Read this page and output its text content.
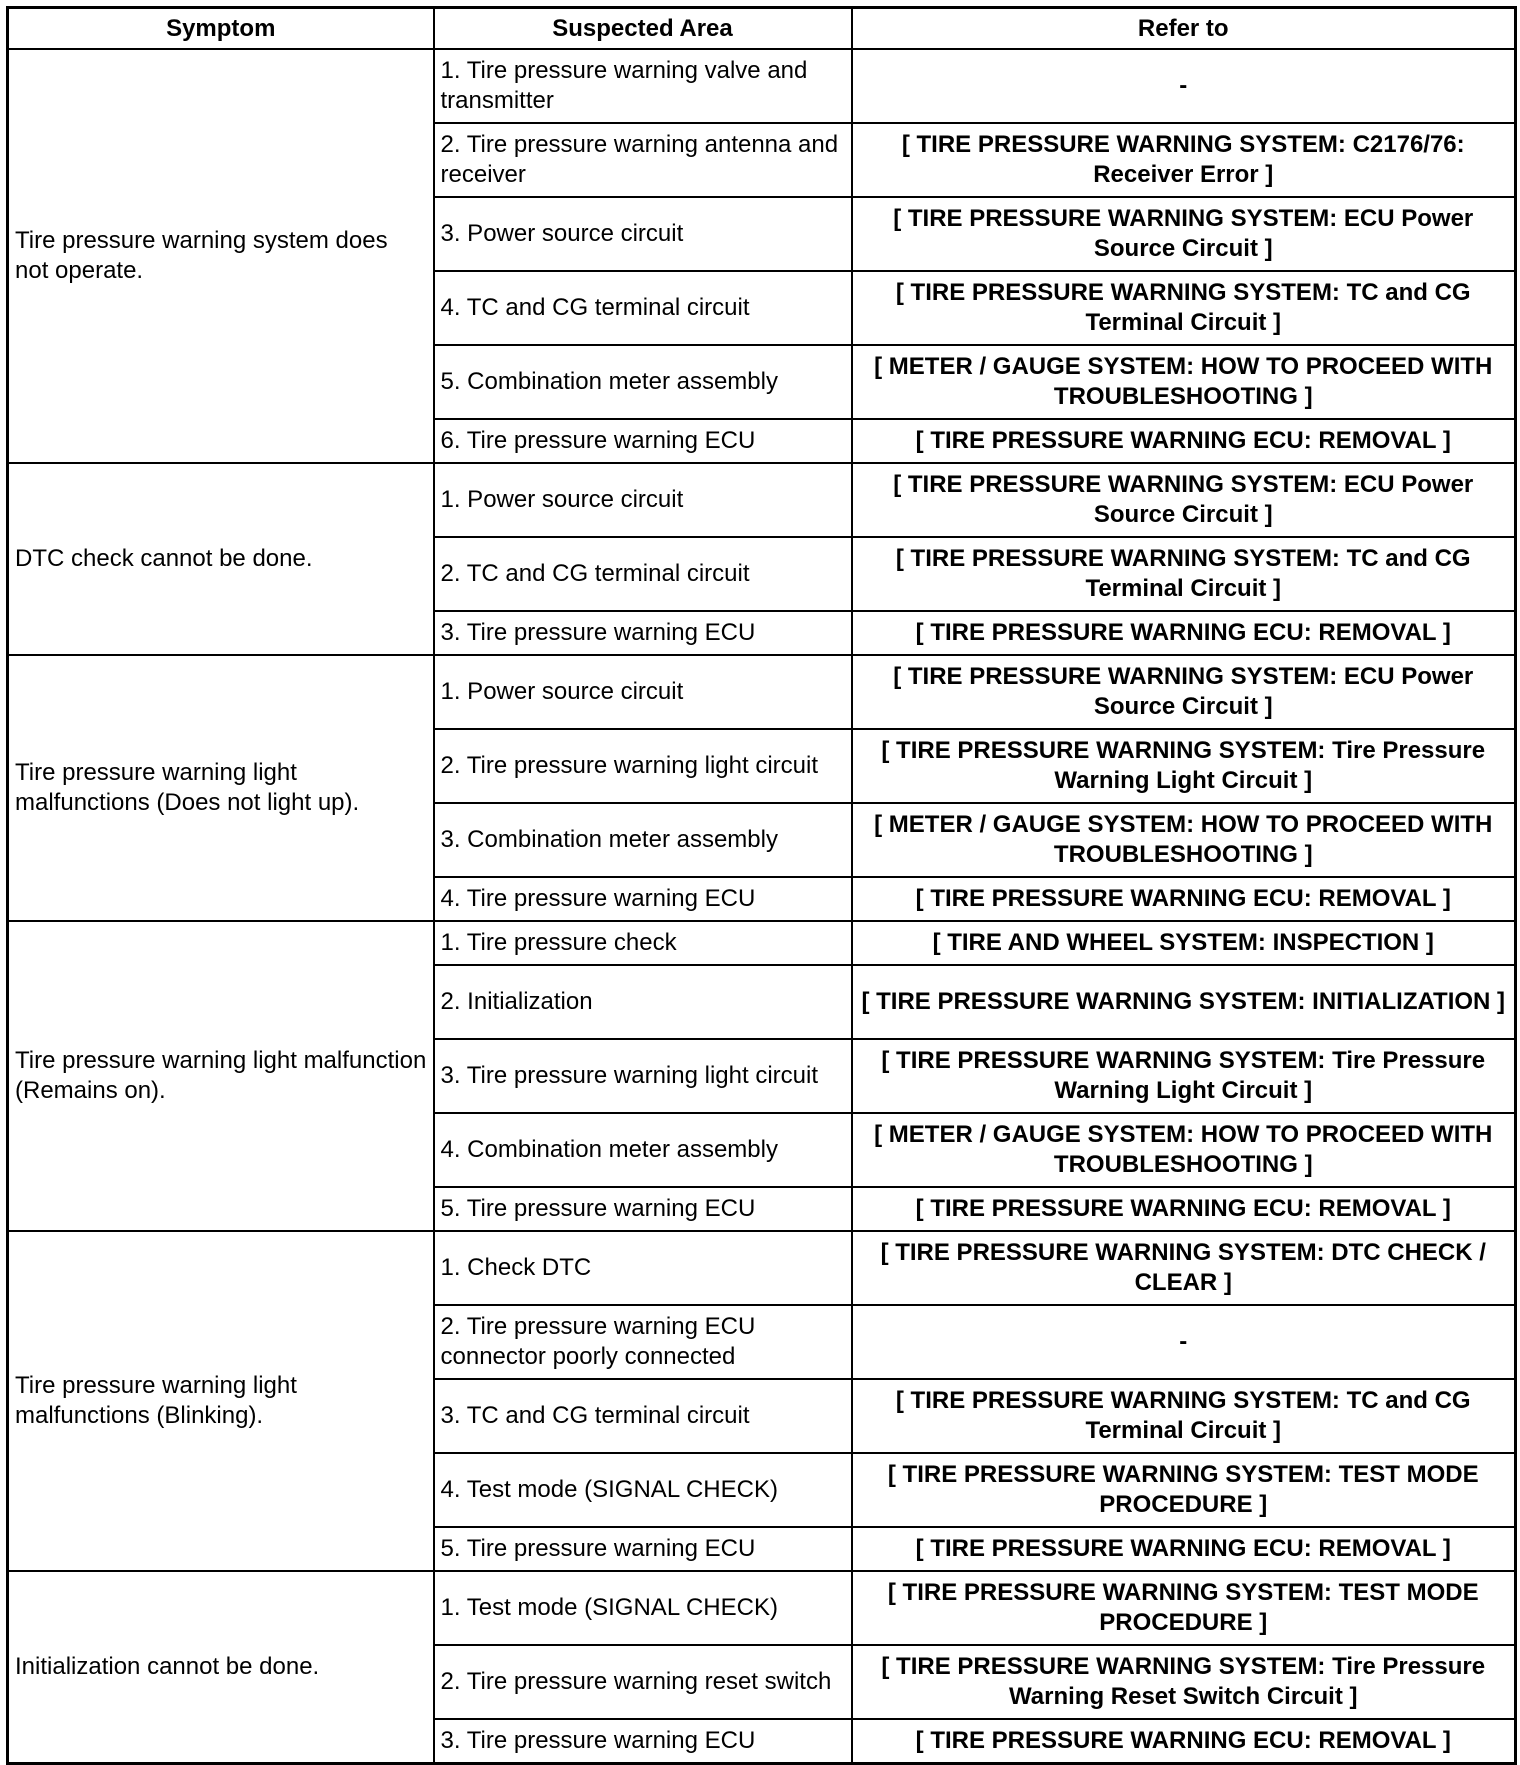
Symptom	Suspected Area	Refer to
Tire pressure warning system does not operate.	1. Tire pressure warning valve and transmitter	-
	2. Tire pressure warning antenna and receiver	[ TIRE PRESSURE WARNING SYSTEM: C2176/76: Receiver Error ]
	3. Power source circuit	[ TIRE PRESSURE WARNING SYSTEM: ECU Power Source Circuit ]
	4. TC and CG terminal circuit	[ TIRE PRESSURE WARNING SYSTEM: TC and CG Terminal Circuit ]
	5. Combination meter assembly	[ METER / GAUGE SYSTEM: HOW TO PROCEED WITH TROUBLESHOOTING ]
	6. Tire pressure warning ECU	[ TIRE PRESSURE WARNING ECU: REMOVAL ]
DTC check cannot be done.	1. Power source circuit	[ TIRE PRESSURE WARNING SYSTEM: ECU Power Source Circuit ]
	2. TC and CG terminal circuit	[ TIRE PRESSURE WARNING SYSTEM: TC and CG Terminal Circuit ]
	3. Tire pressure warning ECU	[ TIRE PRESSURE WARNING ECU: REMOVAL ]
Tire pressure warning light malfunctions (Does not light up).	1. Power source circuit	[ TIRE PRESSURE WARNING SYSTEM: ECU Power Source Circuit ]
	2. Tire pressure warning light circuit	[ TIRE PRESSURE WARNING SYSTEM: Tire Pressure Warning Light Circuit ]
	3. Combination meter assembly	[ METER / GAUGE SYSTEM: HOW TO PROCEED WITH TROUBLESHOOTING ]
	4. Tire pressure warning ECU	[ TIRE PRESSURE WARNING ECU: REMOVAL ]
Tire pressure warning light malfunction (Remains on).	1. Tire pressure check	[ TIRE AND WHEEL SYSTEM: INSPECTION ]
	2. Initialization	[ TIRE PRESSURE WARNING SYSTEM: INITIALIZATION ]
	3. Tire pressure warning light circuit	[ TIRE PRESSURE WARNING SYSTEM: Tire Pressure Warning Light Circuit ]
	4. Combination meter assembly	[ METER / GAUGE SYSTEM: HOW TO PROCEED WITH TROUBLESHOOTING ]
	5. Tire pressure warning ECU	[ TIRE PRESSURE WARNING ECU: REMOVAL ]
Tire pressure warning light malfunctions (Blinking).	1. Check DTC	[ TIRE PRESSURE WARNING SYSTEM: DTC CHECK / CLEAR ]
	2. Tire pressure warning ECU connector poorly connected	-
	3. TC and CG terminal circuit	[ TIRE PRESSURE WARNING SYSTEM: TC and CG Terminal Circuit ]
	4. Test mode (SIGNAL CHECK)	[ TIRE PRESSURE WARNING SYSTEM: TEST MODE PROCEDURE ]
	5. Tire pressure warning ECU	[ TIRE PRESSURE WARNING ECU: REMOVAL ]
Initialization cannot be done.	1. Test mode (SIGNAL CHECK)	[ TIRE PRESSURE WARNING SYSTEM: TEST MODE PROCEDURE ]
	2. Tire pressure warning reset switch	[ TIRE PRESSURE WARNING SYSTEM: Tire Pressure Warning Reset Switch Circuit ]
	3. Tire pressure warning ECU	[ TIRE PRESSURE WARNING ECU: REMOVAL ]
